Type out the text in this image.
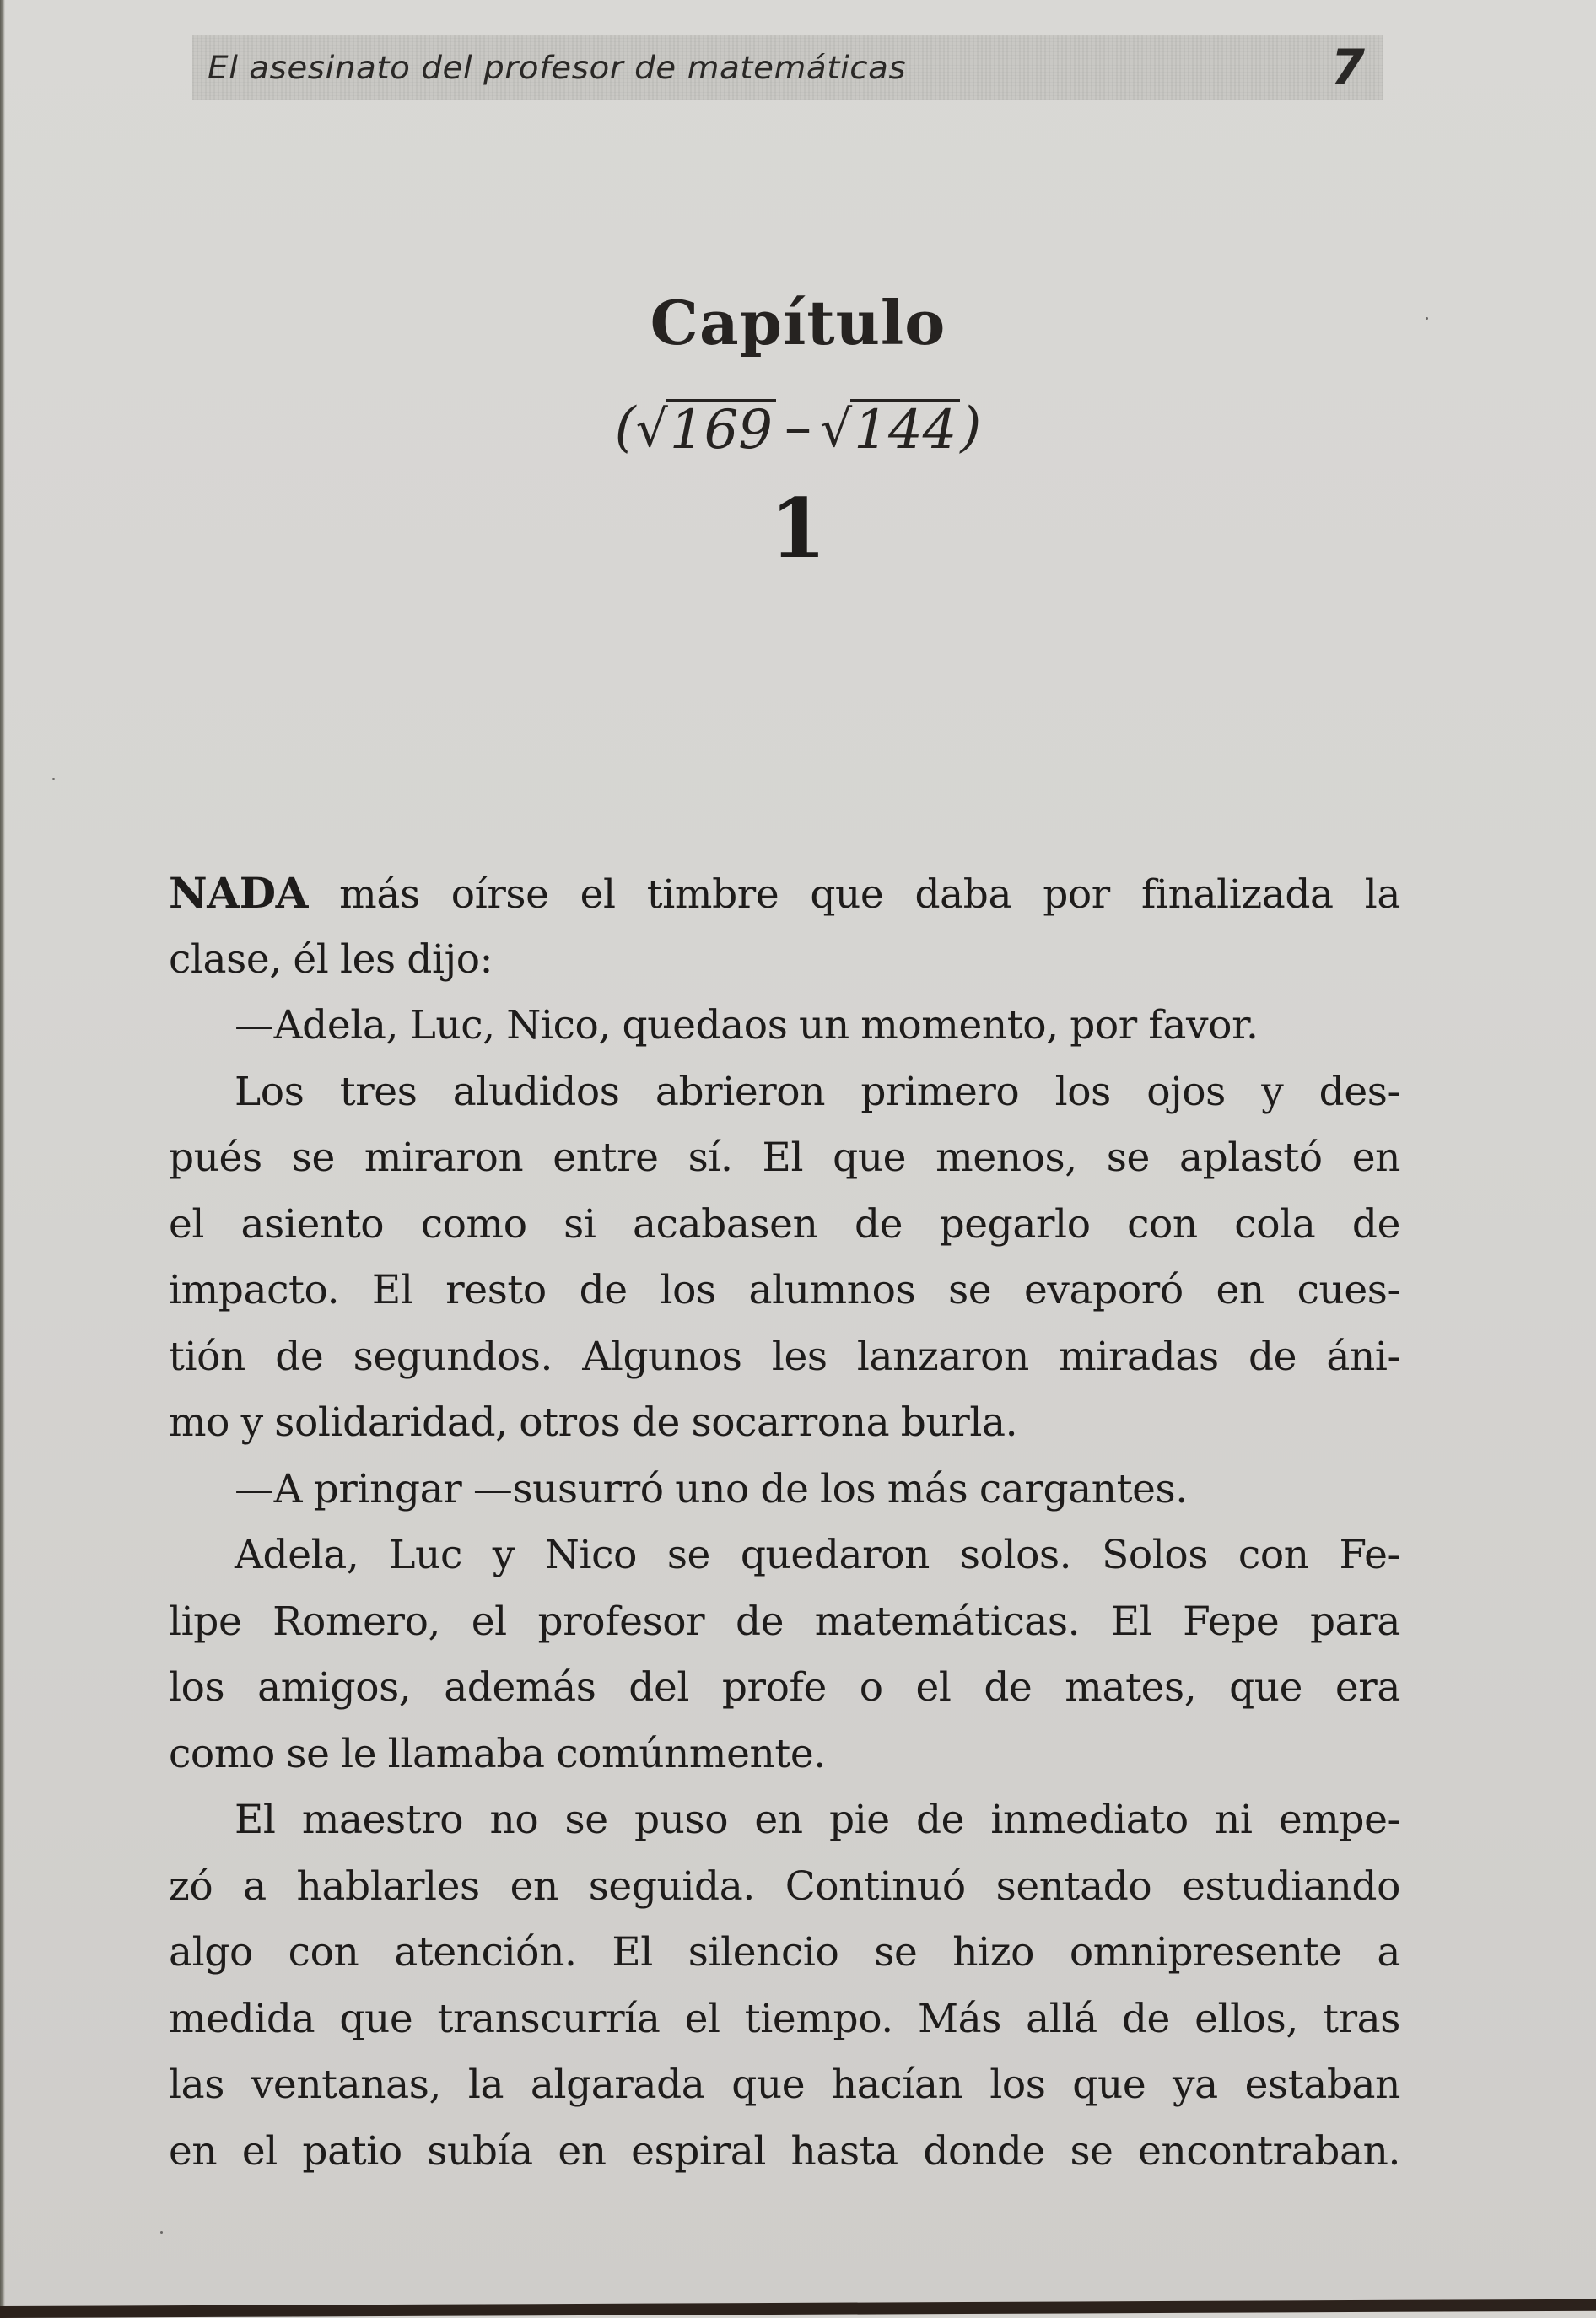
El asesinato del profesor de matemáticas	7
Capítulo
( √ 169 – √ 144 )
1
NADA más oírse el timbre que daba por finalizada la
clase, él les dijo:
—Adela, Luc, Nico, quedaos un momento, por favor.
Los tres aludidos abrieron primero los ojos y des-
pués se miraron entre sí. El que menos, se aplastó en
el asiento como si acabasen de pegarlo con cola de
impacto. El resto de los alumnos se evaporó en cues-
tión de segundos. Algunos les lanzaron miradas de áni-
mo y solidaridad, otros de socarrona burla.
—A pringar —susurró uno de los más cargantes.
Adela, Luc y Nico se quedaron solos. Solos con Fe-
lipe Romero, el profesor de matemáticas. El Fepe para
los amigos, además del profe o el de mates, que era
como se le llamaba comúnmente.
El maestro no se puso en pie de inmediato ni empe-
zó a hablarles en seguida. Continuó sentado estudiando
algo con atención. El silencio se hizo omnipresente a
medida que transcurría el tiempo. Más allá de ellos, tras
las ventanas, la algarada que hacían los que ya estaban
en el patio subía en espiral hasta donde se encontraban.
